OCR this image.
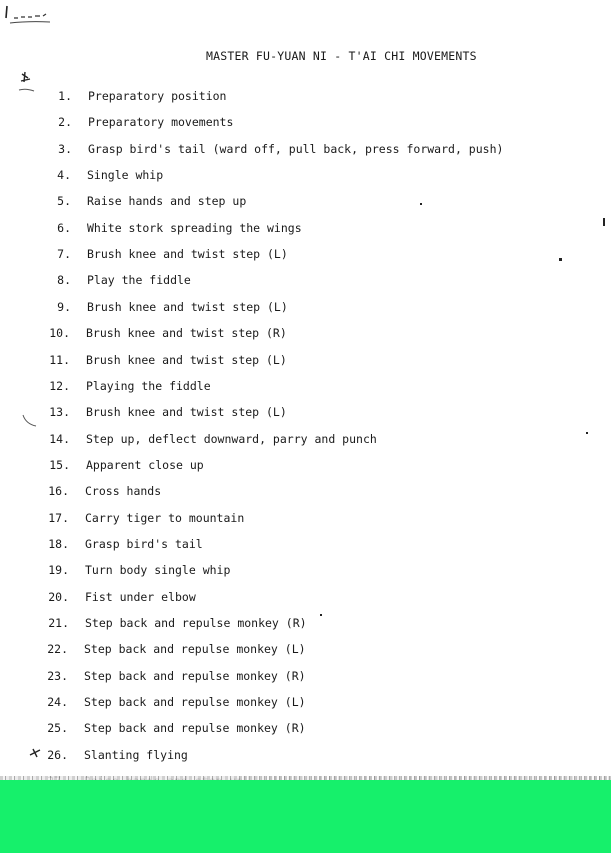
MASTER FU-YUAN NI - T'AI CHI MOVEMENTS
1. Preparatory position
2. Preparatory movements
3. Grasp bird's tail (ward off, pull back, press forward, push)
4. Single whip
5. Raise hands and step up
6. White stork spreading the wings
7. Brush knee and twist step (L)
8. Play the fiddle
9. Brush knee and twist step (L)
10. Brush knee and twist step (R)
11. Brush knee and twist step (L)
12. Playing the fiddle
13. Brush knee and twist step (L)
14. Step up, deflect downward, parry and punch
15. Apparent close up
16. Cross hands
17. Carry tiger to mountain
18. Grasp bird's tail
19. Turn body single whip
20. Fist under elbow
21. Step back and repulse monkey (R)
22. Step back and repulse monkey (L)
23. Step back and repulse monkey (R)
24. Step back and repulse monkey (L)
25. Step back and repulse monkey (R)
26. Slanting flying
